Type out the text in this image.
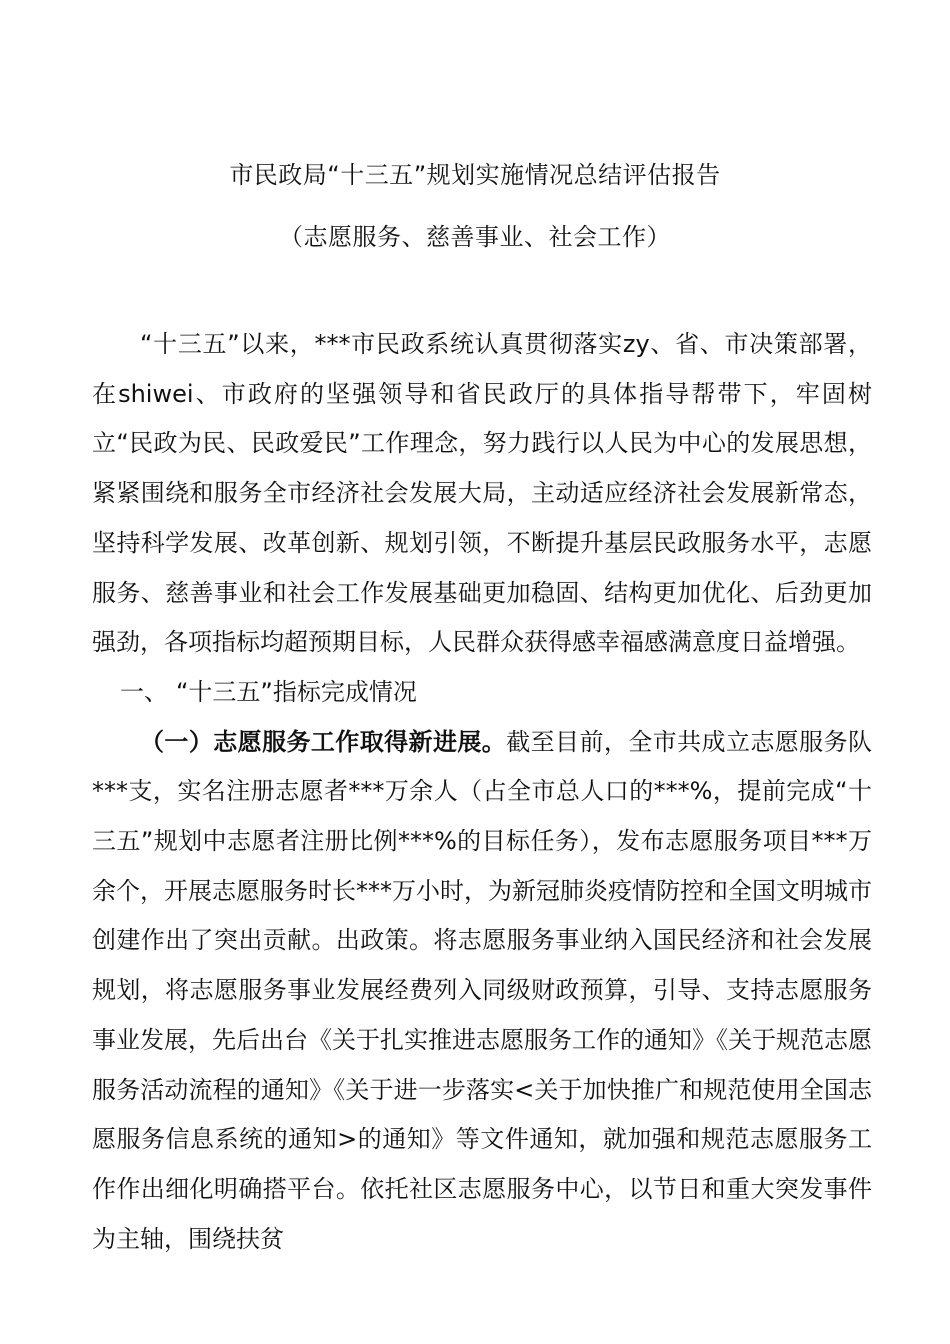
市民政局“十三五”规划实施情况总结评估报告
（志愿服务、慈善事业、社会工作）

“十三五”以来，***市民政系统认真贯彻落实zy、省、市决策部署，在shiwei、市政府的坚强领导和省民政厅的具体指导帮带下，牢固树立“民政为民、民政爱民”工作理念，努力践行以人民为中心的发展思想，紧紧围绕和服务全市经济社会发展大局，主动适应经济社会发展新常态，坚持科学发展、改革创新、规划引领，不断提升基层民政服务水平，志愿服务、慈善事业和社会工作发展基础更加稳固、结构更加优化、后劲更加强劲，各项指标均超预期目标，人民群众获得感幸福感满意度日益增强。

一、 “十三五”指标完成情况

（一）志愿服务工作取得新进展。截至目前，全市共成立志愿服务队***支，实名注册志愿者***万余人（占全市总人口的***%，提前完成“十三五”规划中志愿者注册比例***%的目标任务），发布志愿服务项目***万余个，开展志愿服务时长***万小时，为新冠肺炎疫情防控和全国文明城市创建作出了突出贡献。出政策。将志愿服务事业纳入国民经济和社会发展规划，将志愿服务事业发展经费列入同级财政预算，引导、支持志愿服务事业发展，先后出台《关于扎实推进志愿服务工作的通知》《关于规范志愿服务活动流程的通知》《关于进一步落实<关于加快推广和规范使用全国志愿服务信息系统的通知>的通知》等文件通知，就加强和规范志愿服务工作作出细化明确搭平台。依托社区志愿服务中心，以节日和重大突发事件为主轴，围绕扶贫
